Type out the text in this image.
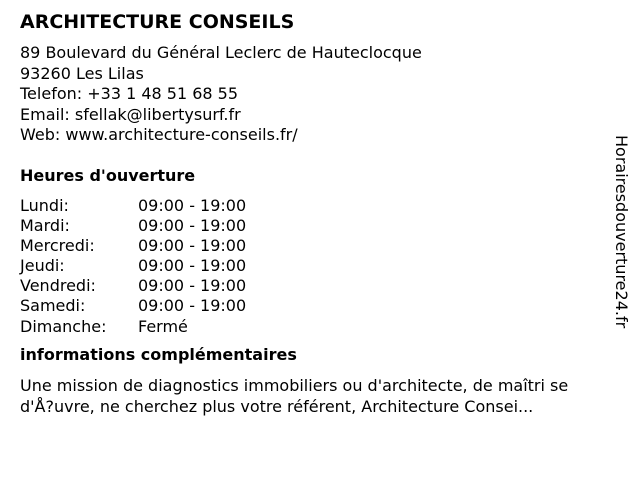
ARCHITECTURE CONSEILS
89 Boulevard du Général Leclerc de Hauteclocque
93260 Les Lilas
Telefon: +33 1 48 51 68 55
Email: sfellak@libertysurf.fr
Web: www.architecture-conseils.fr/
Heures d'ouverture
Lundi:	09:00 - 19:00
Mardi:	09:00 - 19:00
Mercredi:	09:00 - 19:00
Jeudi:	09:00 - 19:00
Vendredi:	09:00 - 19:00
Samedi:	09:00 - 19:00
Dimanche: Fermé
informations complémentaires
Une mission de diagnostics immobiliers ou d'architecte, de maîtri se d'Å?uvre, ne cherchez plus votre référent, Architecture Consei...
Horairesdouverture24.fr
